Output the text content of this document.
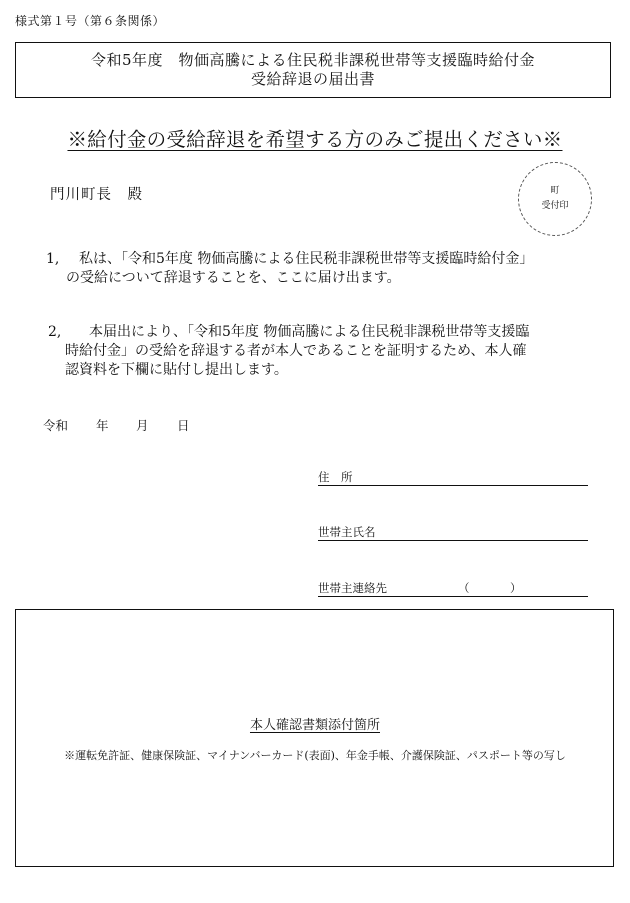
様式第１号（第６条関係）
令和5年度　物価高騰による住民税非課税世帯等支援臨時給付金
受給辞退の届出書
※給付金の受給辞退を希望する方のみご提出ください※
門川町長　殿	町
受付印
1, 私は、「令和5年度 物価高騰による住民税非課税世帯等支援臨時給付金」
の受給について辞退することを、ここに届け出ます。
2, 本届出により、「令和5年度 物価高騰による住民税非課税世帯等支援臨
時給付金」の受給を辞退する者が本人であることを証明するため、本人確
認資料を下欄に貼付し提出します。
令和 年 月 日
住　所
世帯主氏名
世帯主連絡先	（	）
本人確認書類添付箇所
※運転免許証、健康保険証、マイナンバーカード(表面)、年金手帳、介護保険証、パスポート等の写し
